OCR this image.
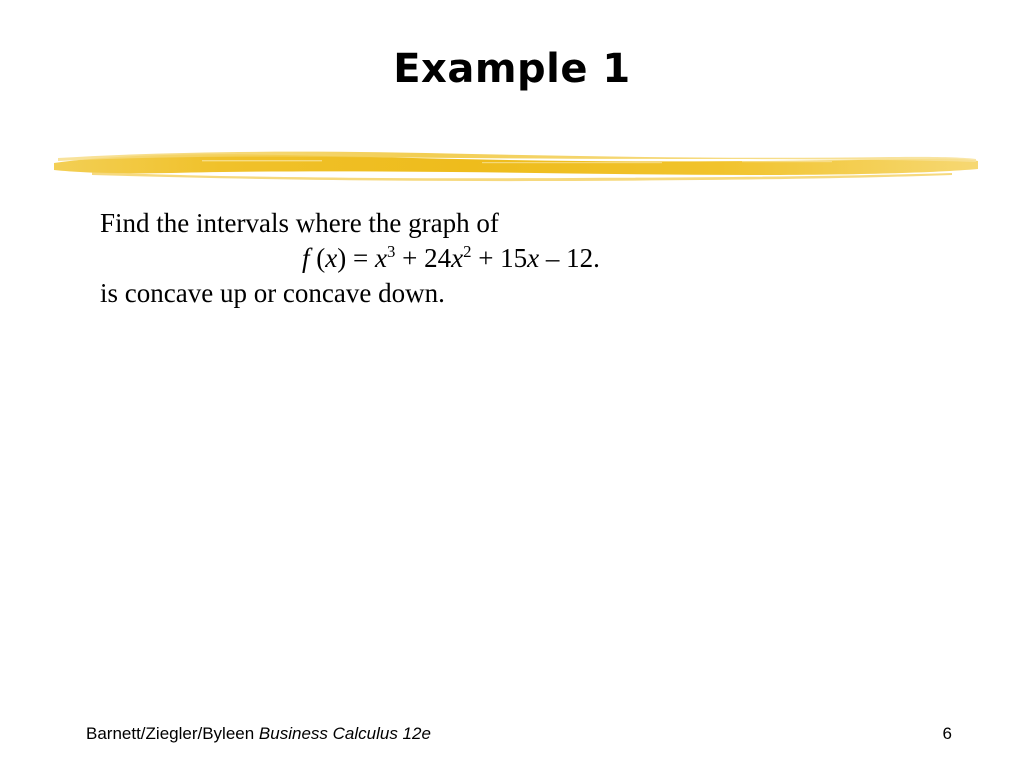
Example 1
Find the intervals where the graph of
f $(x) = x^3 + 24x^2 + 15x - 12$.
is concave up or concave down.
Barnett/Ziegler/Byleen Business Calculus 12e	6
